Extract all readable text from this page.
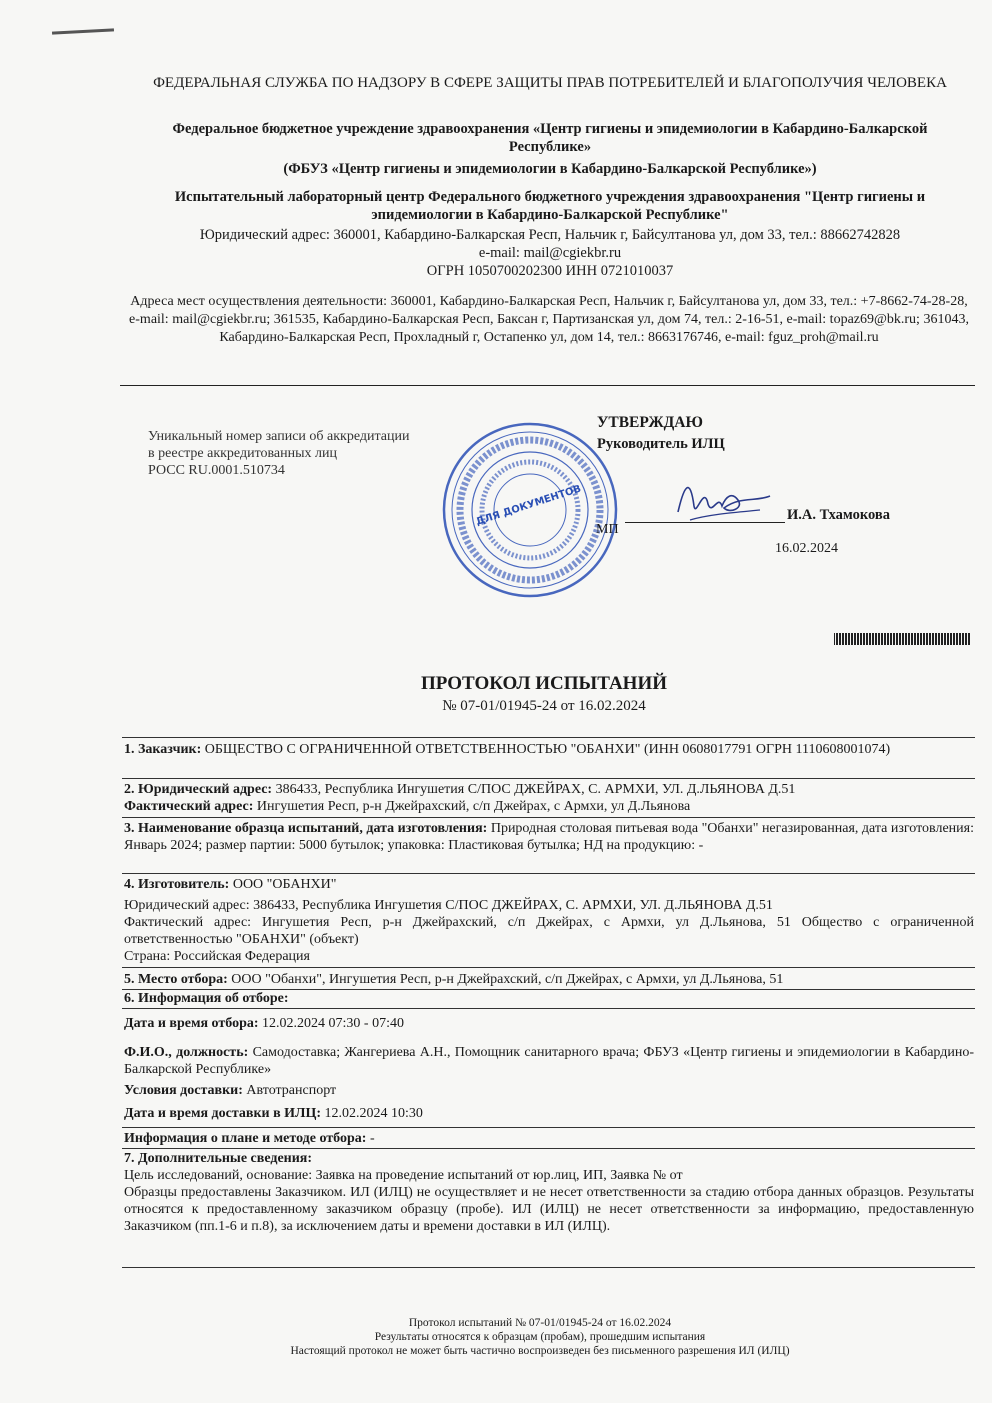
ФЕДЕРАЛЬНАЯ СЛУЖБА ПО НАДЗОРУ В СФЕРЕ ЗАЩИТЫ ПРАВ ПОТРЕБИТЕЛЕЙ И БЛАГОПОЛУЧИЯ ЧЕЛОВЕКА
Федеральное бюджетное учреждение здравоохранения «Центр гигиены и эпидемиологии в Кабардино-Балкарской Республике»
(ФБУЗ «Центр гигиены и эпидемиологии в Кабардино-Балкарской Республике»)
Испытательный лабораторный центр Федерального бюджетного учреждения здравоохранения "Центр гигиены и эпидемиологии в Кабардино-Балкарской Республике"
Юридический адрес: 360001, Кабардино-Балкарская Респ, Нальчик г, Байсултанова ул, дом 33, тел.: 88662742828
e-mail: mail@cgiekbr.ru
ОГРН 1050700202300 ИНН 0721010037
Адреса мест осуществления деятельности: 360001, Кабардино-Балкарская Респ, Нальчик г, Байсултанова ул, дом 33, тел.: +7-8662-74-28-28, e-mail: mail@cgiekbr.ru; 361535, Кабардино-Балкарская Респ, Баксан г, Партизанская ул, дом 74, тел.: 2-16-51, e-mail: topaz69@bk.ru; 361043, Кабардино-Балкарская Респ, Прохладный г, Остапенко ул, дом 14, тел.: 8663176746, e-mail: fguz_proh@mail.ru
Уникальный номер записи об аккредитации
в реестре аккредитованных лиц
РОСС RU.0001.510734
ДЛЯ ДОКУМЕНТОВ
УТВЕРЖДАЮ
Руководитель ИЛЦ
МП
И.А. Тхамокова
16.02.2024
ПРОТОКОЛ ИСПЫТАНИЙ
№ 07-01/01945-24 от 16.02.2024
1. Заказчик: ОБЩЕСТВО С ОГРАНИЧЕННОЙ ОТВЕТСТВЕННОСТЬЮ "ОБАНХИ" (ИНН 0608017791 ОГРН 1110608001074)
2. Юридический адрес: 386433, Республика Ингушетия С/ПОС ДЖЕЙРАХ, С. АРМХИ, УЛ. Д.ЛЬЯНОВА Д.51
Фактический адрес: Ингушетия Респ, р-н Джейрахский, с/п Джейрах, с Армхи, ул Д.Льянова
3. Наименование образца испытаний, дата изготовления: Природная столовая питьевая вода "Обанхи" негазированная, дата изготовления: Январь 2024; размер партии: 5000 бутылок; упаковка: Пластиковая бутылка; НД на продукцию: -
4. Изготовитель: ООО "ОБАНХИ"
Юридический адрес: 386433, Республика Ингушетия С/ПОС ДЖЕЙРАХ, С. АРМХИ, УЛ. Д.ЛЬЯНОВА Д.51
Фактический адрес: Ингушетия Респ, р-н Джейрахский, с/п Джейрах, с Армхи, ул Д.Льянова, 51 Общество с ограниченной ответственностью "ОБАНХИ" (объект)
Страна: Российская Федерация
5. Место отбора: ООО "Обанхи", Ингушетия Респ, р-н Джейрахский, с/п Джейрах, с Армхи, ул Д.Льянова, 51
6. Информация об отборе:
Дата и время отбора: 12.02.2024 07:30 - 07:40
Ф.И.О., должность: Самодоставка; Жангериева А.Н., Помощник санитарного врача; ФБУЗ «Центр гигиены и эпидемиологии в Кабардино-Балкарской Республике»
Условия доставки: Автотранспорт
Дата и время доставки в ИЛЦ: 12.02.2024 10:30
Информация о плане и методе отбора: -
7. Дополнительные сведения:
Цель исследований, основание: Заявка на проведение испытаний от юр.лиц, ИП, Заявка № от
Образцы предоставлены Заказчиком. ИЛ (ИЛЦ) не осуществляет и не несет ответственности за стадию отбора данных образцов. Результаты относятся к предоставленному заказчиком образцу (пробе). ИЛ (ИЛЦ) не несет ответственности за информацию, предоставленную Заказчиком (пп.1-6 и п.8), за исключением даты и времени доставки в ИЛ (ИЛЦ).
Протокол испытаний № 07-01/01945-24 от 16.02.2024
Результаты относятся к образцам (пробам), прошедшим испытания
Настоящий протокол не может быть частично воспроизведен без письменного разрешения ИЛ (ИЛЦ)
